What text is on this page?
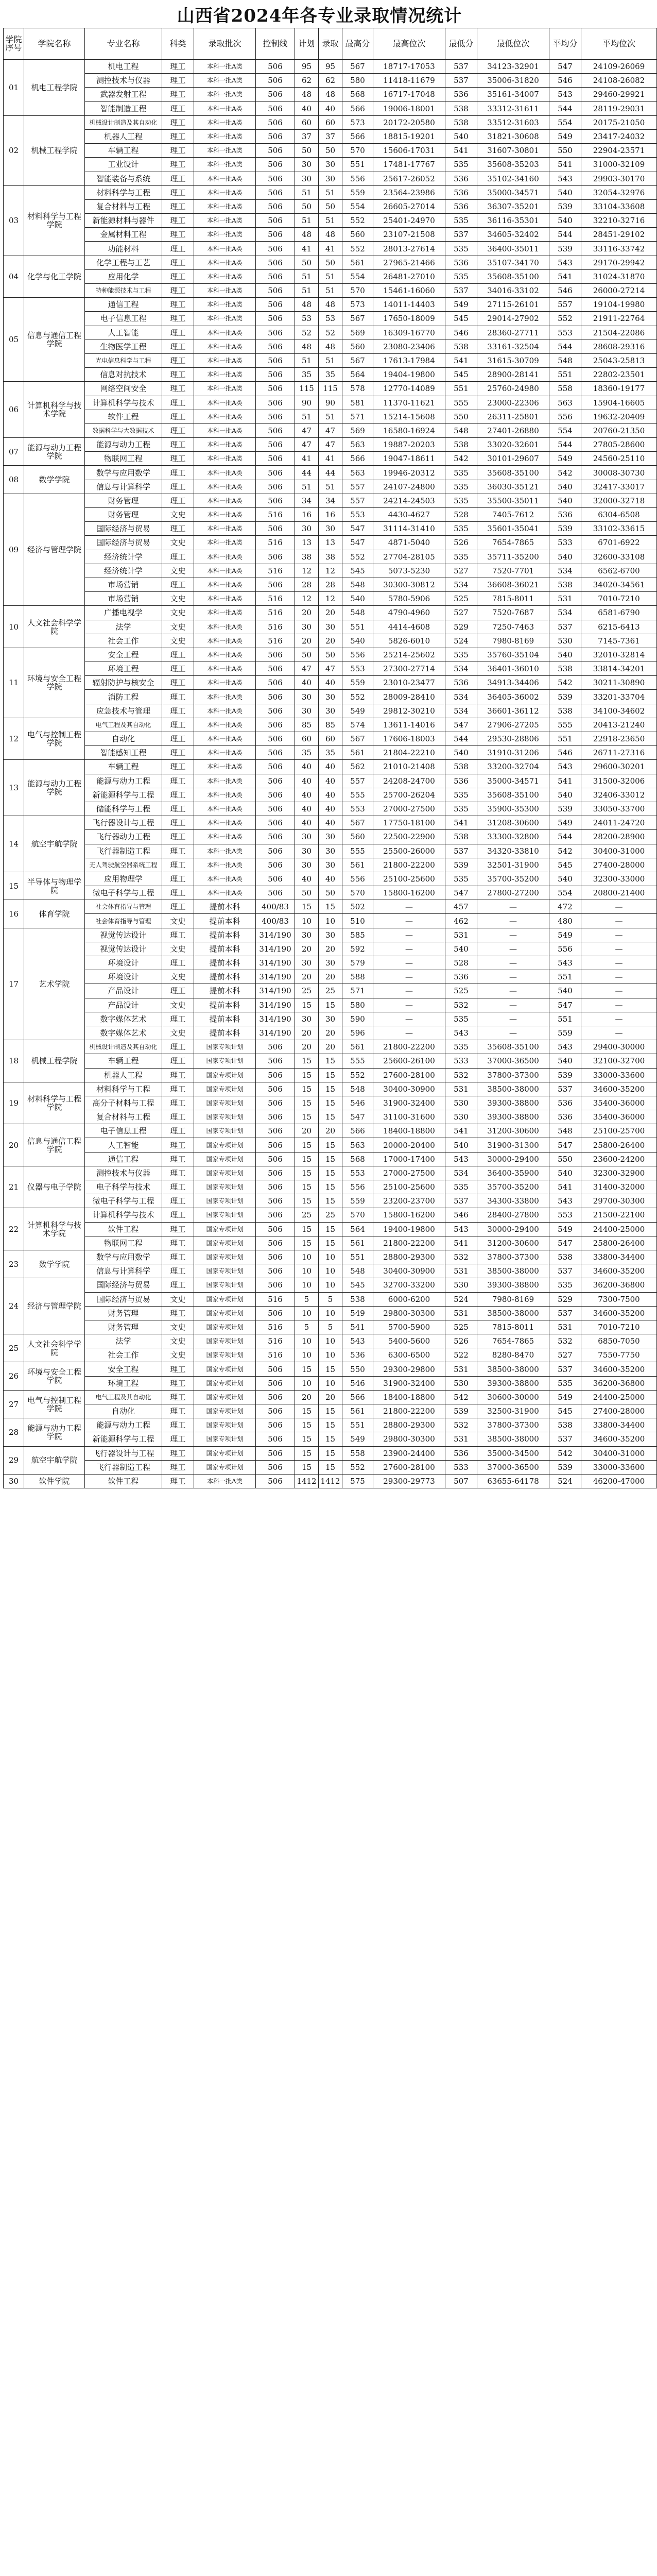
山西省2024年各专业录取情况统计
学院序号	学院名称	专业名称	科类	录取批次	控制线	计划	录取	最高分	最高位次	最低分	最低位次	平均分	平均位次
01	机电工程学院	机电工程	理工	本科一批A类	506	95	95	567	18717-17053	537	34123-32901	547	24109-26069
		测控技术与仪器	理工	本科一批A类	506	62	62	580	11418-11679	537	35006-31820	546	24108-26082
		武器发射工程	理工	本科一批A类	506	48	48	568	16717-17048	536	35161-34007	543	29460-29921
		智能制造工程	理工	本科一批A类	506	40	40	566	19006-18001	538	33312-31611	544	28119-29031
02	机械工程学院	机械设计制造及其自动化	理工	本科一批A类	506	60	60	573	20172-20580	538	33512-31603	554	20175-21050
		机器人工程	理工	本科一批A类	506	37	37	566	18815-19201	540	31821-30608	549	23417-24032
		车辆工程	理工	本科一批A类	506	50	50	570	15606-17031	541	31607-30801	550	22904-23571
		工业设计	理工	本科一批A类	506	30	30	551	17481-17767	535	35608-35203	541	31000-32109
		智能装备与系统	理工	本科一批A类	506	30	30	556	25617-26052	536	35102-34160	543	29903-30170
03	材料科学与工程学院	材料科学与工程	理工	本科一批A类	506	51	51	559	23564-23986	536	35000-34571	540	32054-32976
		复合材料与工程	理工	本科一批A类	506	50	50	554	26605-27014	536	36307-35201	539	33104-33608
		新能源材料与器件	理工	本科一批A类	506	51	51	552	25401-24970	535	36116-35301	540	32210-32716
		金属材料工程	理工	本科一批A类	506	48	48	560	23107-21508	537	34605-32402	544	28451-29102
		功能材料	理工	本科一批A类	506	41	41	552	28013-27614	535	36400-35011	539	33116-33742
04	化学与化工学院	化学工程与工艺	理工	本科一批A类	506	50	50	561	27965-21466	536	35107-34170	543	29170-29942
		应用化学	理工	本科一批A类	506	51	51	554	26481-27010	535	35608-35100	541	31024-31870
		特种能源技术与工程	理工	本科一批A类	506	51	51	570	15461-16060	537	34016-33102	546	26000-27214
05	信息与通信工程学院	通信工程	理工	本科一批A类	506	48	48	573	14011-14403	549	27115-26101	557	19104-19980
		电子信息工程	理工	本科一批A类	506	53	53	567	17650-18009	545	29014-27902	552	21911-22764
		人工智能	理工	本科一批A类	506	52	52	569	16309-16770	546	28360-27711	553	21504-22086
		生物医学工程	理工	本科一批A类	506	48	48	560	23080-23406	538	33161-32504	544	28608-29316
		光电信息科学与工程	理工	本科一批A类	506	51	51	567	17613-17984	541	31615-30709	548	25043-25813
		信息对抗技术	理工	本科一批A类	506	35	35	564	19404-19800	545	28900-28141	551	22802-23501
06	计算机科学与技术学院	网络空间安全	理工	本科一批A类	506	115	115	578	12770-14089	551	25760-24980	558	18360-19177
		计算机科学与技术	理工	本科一批A类	506	90	90	581	11370-11621	555	23000-22306	563	15904-16605
		软件工程	理工	本科一批A类	506	51	51	571	15214-15608	550	26311-25801	556	19632-20409
		数据科学与大数据技术	理工	本科一批A类	506	47	47	569	16580-16924	548	27401-26880	554	20760-21350
07	能源与动力工程学院	能源与动力工程	理工	本科一批A类	506	47	47	563	19887-20203	538	33020-32601	544	27805-28600
		物联网工程	理工	本科一批A类	506	41	41	566	19047-18611	542	30101-29607	549	24560-25110
08	数学学院	数学与应用数学	理工	本科一批A类	506	44	44	563	19946-20312	535	35608-35100	542	30008-30730
		信息与计算科学	理工	本科一批A类	506	51	51	557	24107-24800	535	36030-35121	540	32417-33017
09	经济与管理学院	财务管理	理工	本科一批A类	506	34	34	557	24214-24503	535	35500-35011	540	32000-32718
		财务管理	文史	本科一批A类	516	16	16	553	4430-4627	528	7405-7612	536	6304-6508
		国际经济与贸易	理工	本科一批A类	506	30	30	547	31114-31410	535	35601-35041	539	33102-33615
		国际经济与贸易	文史	本科一批A类	516	13	13	547	4871-5040	526	7654-7865	533	6701-6922
		经济统计学	理工	本科一批A类	506	38	38	552	27704-28105	535	35711-35200	540	32600-33108
		经济统计学	文史	本科一批A类	516	12	12	545	5073-5230	527	7520-7701	534	6562-6700
		市场营销	理工	本科一批A类	506	28	28	548	30300-30812	534	36608-36021	538	34020-34561
		市场营销	文史	本科一批A类	516	12	12	540	5780-5906	525	7815-8011	531	7010-7210
10	人文社会科学学院	广播电视学	文史	本科一批A类	516	20	20	548	4790-4960	527	7520-7687	534	6581-6790
		法学	文史	本科一批A类	516	30	30	551	4414-4608	529	7250-7463	537	6215-6413
		社会工作	文史	本科一批A类	516	20	20	540	5826-6010	524	7980-8169	530	7145-7361
11	环境与安全工程学院	安全工程	理工	本科一批A类	506	50	50	556	25214-25602	535	35760-35104	540	32010-32814
		环境工程	理工	本科一批A类	506	47	47	553	27300-27714	534	36401-36010	538	33814-34201
		辐射防护与核安全	理工	本科一批A类	506	40	40	559	23010-23477	536	34913-34406	542	30211-30890
		消防工程	理工	本科一批A类	506	30	30	552	28009-28410	534	36405-36002	539	33201-33704
		应急技术与管理	理工	本科一批A类	506	30	30	549	29812-30210	534	36601-36112	538	34100-34602
12	电气与控制工程学院	电气工程及其自动化	理工	本科一批A类	506	85	85	574	13611-14016	547	27906-27205	555	20413-21240
		自动化	理工	本科一批A类	506	60	60	567	17606-18003	544	29530-28806	551	22918-23650
		智能感知工程	理工	本科一批A类	506	35	35	561	21804-22210	540	31910-31206	546	26711-27316
13	能源与动力工程学院	车辆工程	理工	本科一批A类	506	40	40	562	21010-21408	538	33200-32704	543	29600-30201
		能源与动力工程	理工	本科一批A类	506	40	40	557	24208-24700	536	35000-34571	541	31500-32006
		新能源科学与工程	理工	本科一批A类	506	40	40	555	25700-26204	535	35608-35100	540	32406-33012
		储能科学与工程	理工	本科一批A类	506	40	40	553	27000-27500	535	35900-35300	539	33050-33700
14	航空宇航学院	飞行器设计与工程	理工	本科一批A类	506	40	40	567	17750-18100	541	31208-30600	549	24011-24720
		飞行器动力工程	理工	本科一批A类	506	30	30	560	22500-22900	538	33300-32800	544	28200-28900
		飞行器制造工程	理工	本科一批A类	506	30	30	555	25500-26000	537	34320-33810	542	30400-31000
		无人驾驶航空器系统工程	理工	本科一批A类	506	30	30	561	21800-22200	539	32501-31900	545	27400-28000
15	半导体与物理学院	应用物理学	理工	本科一批A类	506	40	40	556	25100-25600	535	35700-35200	540	32300-33000
		微电子科学与工程	理工	本科一批A类	506	50	50	570	15800-16200	547	27800-27200	554	20800-21400
16	体育学院	社会体育指导与管理	理工	提前本科	400/83	15	15	502	—	457	—	472	—
		社会体育指导与管理	文史	提前本科	400/83	10	10	510	—	462	—	480	—
17	艺术学院	视觉传达设计	理工	提前本科	314/190	30	30	585	—	531	—	549	—
		视觉传达设计	文史	提前本科	314/190	20	20	592	—	540	—	556	—
		环境设计	理工	提前本科	314/190	30	30	579	—	528	—	543	—
		环境设计	文史	提前本科	314/190	20	20	588	—	536	—	551	—
		产品设计	理工	提前本科	314/190	25	25	571	—	525	—	540	—
		产品设计	文史	提前本科	314/190	15	15	580	—	532	—	547	—
		数字媒体艺术	理工	提前本科	314/190	30	30	590	—	535	—	551	—
		数字媒体艺术	文史	提前本科	314/190	20	20	596	—	543	—	559	—
18	机械工程学院	机械设计制造及其自动化	理工	国家专项计划	506	20	20	561	21800-22200	535	35608-35100	543	29400-30000
		车辆工程	理工	国家专项计划	506	15	15	555	25600-26100	533	37000-36500	540	32100-32700
		机器人工程	理工	国家专项计划	506	15	15	552	27600-28100	532	37800-37300	539	33000-33600
19	材料科学与工程学院	材料科学与工程	理工	国家专项计划	506	15	15	548	30400-30900	531	38500-38000	537	34600-35200
		高分子材料与工程	理工	国家专项计划	506	15	15	546	31900-32400	530	39300-38800	536	35400-36000
		复合材料与工程	理工	国家专项计划	506	15	15	547	31100-31600	530	39300-38800	536	35400-36000
20	信息与通信工程学院	电子信息工程	理工	国家专项计划	506	20	20	566	18400-18800	541	31200-30600	548	25100-25700
		人工智能	理工	国家专项计划	506	15	15	563	20000-20400	540	31900-31300	547	25800-26400
		通信工程	理工	国家专项计划	506	15	15	568	17000-17400	543	30000-29400	550	23600-24200
21	仪器与电子学院	测控技术与仪器	理工	国家专项计划	506	15	15	553	27000-27500	534	36400-35900	540	32300-32900
		电子科学与技术	理工	国家专项计划	506	15	15	556	25100-25600	535	35700-35200	541	31400-32000
		微电子科学与工程	理工	国家专项计划	506	15	15	559	23200-23700	537	34300-33800	543	29700-30300
22	计算机科学与技术学院	计算机科学与技术	理工	国家专项计划	506	25	25	570	15800-16200	546	28400-27800	553	21500-22100
		软件工程	理工	国家专项计划	506	15	15	564	19400-19800	543	30000-29400	549	24400-25000
		物联网工程	理工	国家专项计划	506	15	15	561	21800-22200	541	31200-30600	547	25800-26400
23	数学学院	数学与应用数学	理工	国家专项计划	506	10	10	551	28800-29300	532	37800-37300	538	33800-34400
		信息与计算科学	理工	国家专项计划	506	10	10	548	30400-30900	531	38500-38000	537	34600-35200
24	经济与管理学院	国际经济与贸易	理工	国家专项计划	506	10	10	545	32700-33200	530	39300-38800	535	36200-36800
		国际经济与贸易	文史	国家专项计划	516	5	5	538	6000-6200	524	7980-8169	529	7300-7500
		财务管理	理工	国家专项计划	506	10	10	549	29800-30300	531	38500-38000	537	34600-35200
		财务管理	文史	国家专项计划	516	5	5	541	5700-5900	525	7815-8011	531	7010-7210
25	人文社会科学学院	法学	文史	国家专项计划	516	10	10	543	5400-5600	526	7654-7865	532	6850-7050
		社会工作	文史	国家专项计划	516	10	10	536	6300-6500	522	8280-8470	527	7550-7750
26	环境与安全工程学院	安全工程	理工	国家专项计划	506	15	15	550	29300-29800	531	38500-38000	537	34600-35200
		环境工程	理工	国家专项计划	506	10	10	546	31900-32400	530	39300-38800	535	36200-36800
27	电气与控制工程学院	电气工程及其自动化	理工	国家专项计划	506	20	20	566	18400-18800	542	30600-30000	549	24400-25000
		自动化	理工	国家专项计划	506	15	15	561	21800-22200	539	32500-31900	545	27400-28000
28	能源与动力工程学院	能源与动力工程	理工	国家专项计划	506	15	15	551	28800-29300	532	37800-37300	538	33800-34400
		新能源科学与工程	理工	国家专项计划	506	15	15	549	29800-30300	531	38500-38000	537	34600-35200
29	航空宇航学院	飞行器设计与工程	理工	国家专项计划	506	15	15	558	23900-24400	536	35000-34500	542	30400-31000
		飞行器制造工程	理工	国家专项计划	506	15	15	552	27600-28100	533	37000-36500	539	33000-33600
30	软件学院	软件工程	理工	本科一批A类	506	1412	1412	575	29300-29773	507	63655-64178	524	46200-47000
